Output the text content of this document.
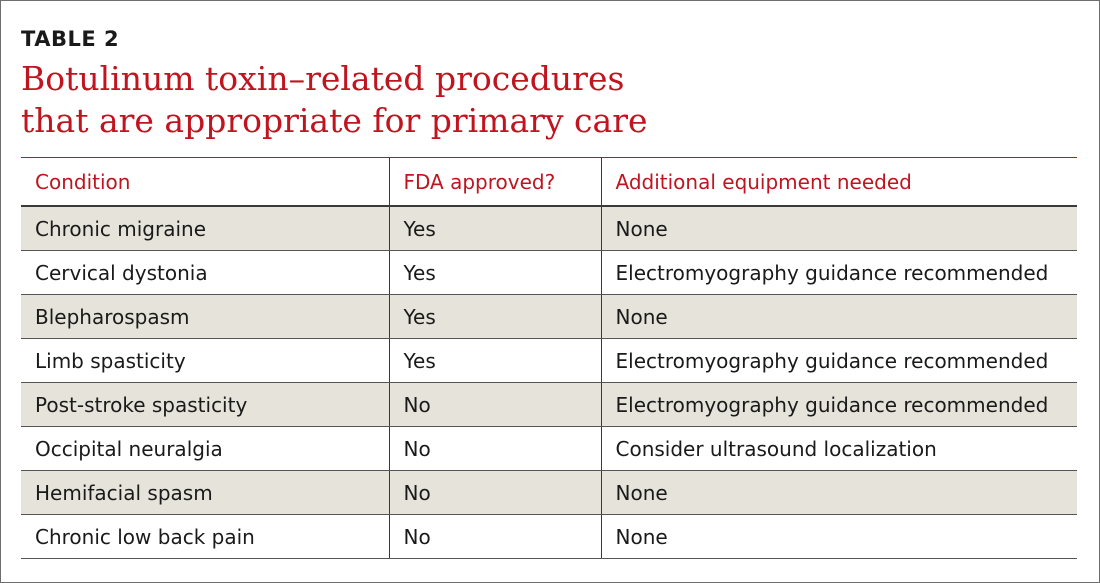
TABLE 2
Botulinum toxin–related procedures
that are appropriate for primary care
Condition	FDA approved?	Additional equipment needed
Chronic migraine	Yes	None
Cervical dystonia	Yes	Electromyography guidance recommended
Blepharospasm	Yes	None
Limb spasticity	Yes	Electromyography guidance recommended
Post-stroke spasticity	No	Electromyography guidance recommended
Occipital neuralgia	No	Consider ultrasound localization
Hemifacial spasm	No	None
Chronic low back pain	No	None
